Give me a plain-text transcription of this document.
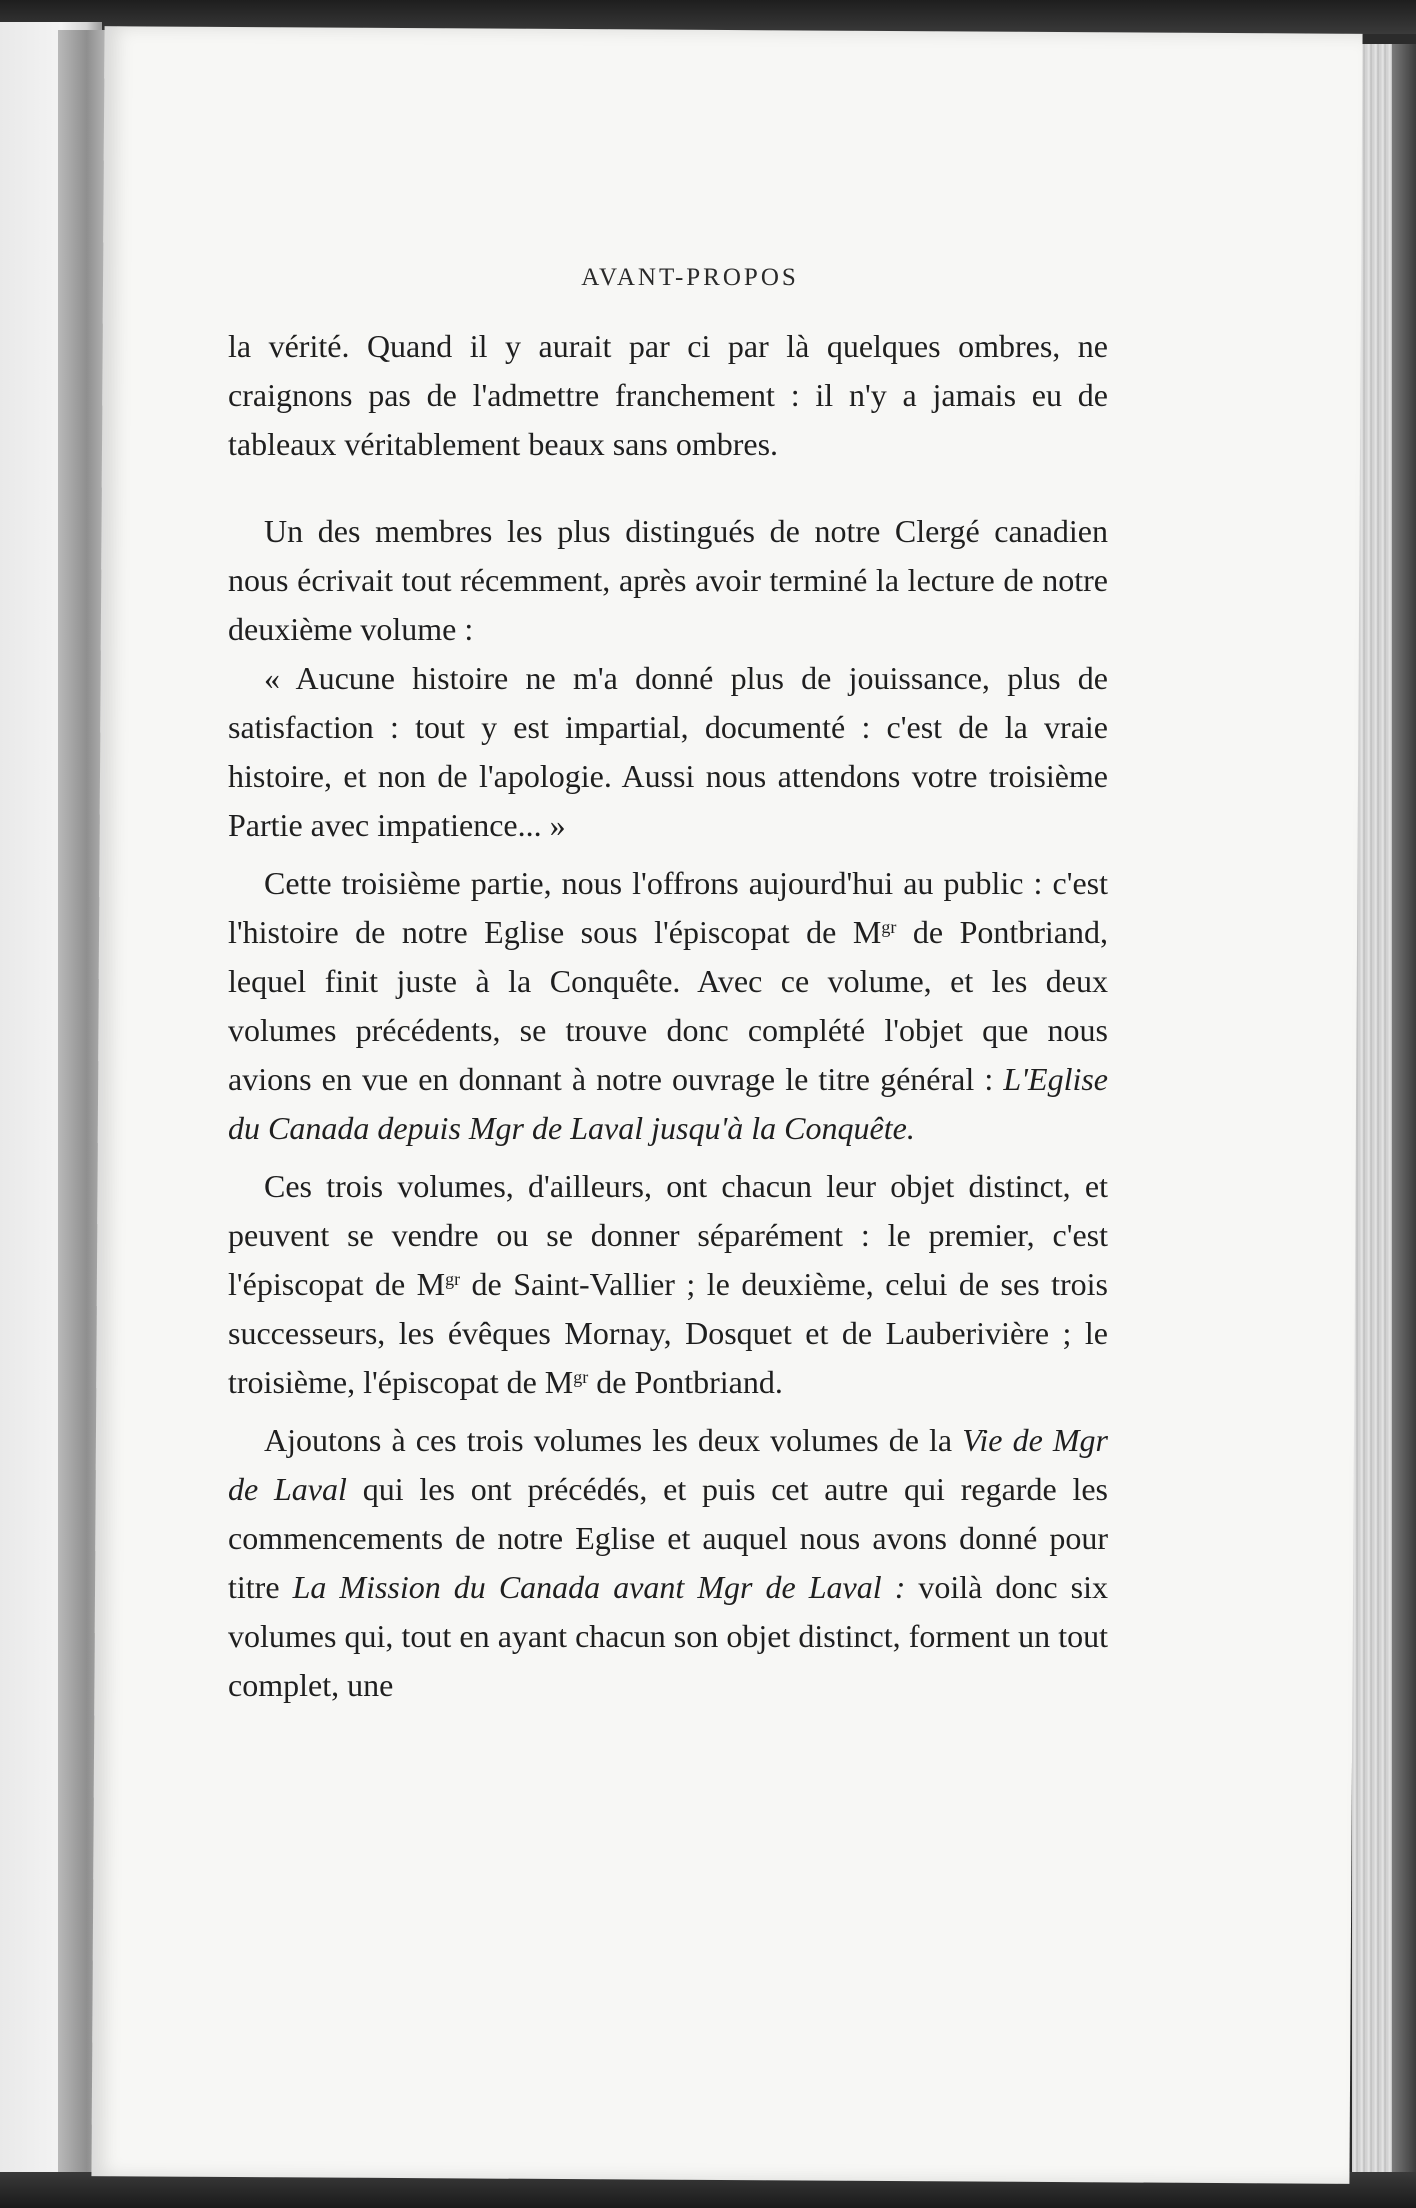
AVANT-PROPOS

la vérité. Quand il y aurait par ci par là quelques ombres, ne craignons pas de l'admettre franchement : il n'y a jamais eu de tableaux véritablement beaux sans ombres.

Un des membres les plus distingués de notre Clergé canadien nous écrivait tout récemment, après avoir terminé la lecture de notre deuxième volume :

« Aucune histoire ne m'a donné plus de jouissance, plus de satisfaction : tout y est impartial, documenté : c'est de la vraie histoire, et non de l'apologie. Aussi nous attendons votre troisième Partie avec impatience... »

Cette troisième partie, nous l'offrons aujourd'hui au public : c'est l'histoire de notre Eglise sous l'épiscopat de $M^{gr}$ de Pontbriand, lequel finit juste à la Conquête. Avec ce volume, et les deux volumes précédents, se trouve donc complété l'objet que nous avions en vue en donnant à notre ouvrage le titre général : L'Eglise du Canada depuis Mgr de Laval jusqu'à la Conquête.

Ces trois volumes, d'ailleurs, ont chacun leur objet distinct, et peuvent se vendre ou se donner séparément : le premier, c'est l'épiscopat de $M^{gr}$ de Saint-Vallier ; le deuxième, celui de ses trois successeurs, les évêques Mornay, Dosquet et de Lauberivière ; le troisième, l'épiscopat de $M^{gr}$ de Pontbriand.

Ajoutons à ces trois volumes les deux volumes de la Vie de Mgr de Laval qui les ont précédés, et puis cet autre qui regarde les commencements de notre Eglise et auquel nous avons donné pour titre La Mission du Canada avant Mgr de Laval : voilà donc six volumes qui, tout en ayant chacun son objet distinct, forment un tout complet, une
